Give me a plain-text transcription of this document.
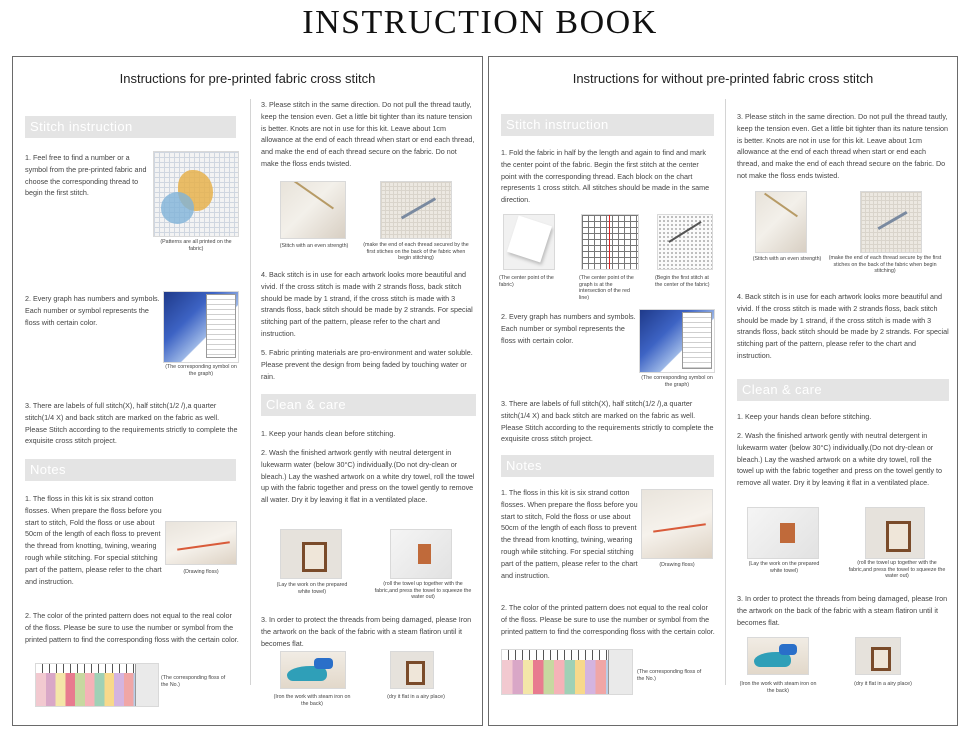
INSTRUCTION BOOK
Instructions for pre-printed fabric cross stitch
Stitch instruction
1. Feel free to find a number or a symbol from the pre-printed fabric and choose the corresponding thread to begin the first stitch.
(Patterns are all printed on the fabric)
2. Every graph has numbers and symbols. Each number or symbol represents the floss with certain color.
(The corresponding symbol on the graph)
3. There are labels of full stitch(X), half stitch(1/2 /),a quarter stitch(1/4 X) and back stitch are marked on the fabric as well. Please Stitch according to the requirements strictly to complete the exquisite cross stitch project.
Notes
1. The floss in this kit is six strand cotton flosses. When prepare the floss before you start to stitch, Fold the floss or use about 50cm of the length of each floss to prevent the thread from knotting, twining, wearing rough while stitching. For special stitching part of the pattern, please refer to the chart and instruction.
(Drawing floss)
2. The color of the printed pattern does not equal to the real color of the floss. Please be sure to use the number or symbol from the printed pattern to find the corresponding floss with the certain color.
(The corresponding floss of the No.)
3. Please stitch in the same direction. Do not pull the thread tautly, keep the tension even. Get a little bit tighter than its nature tension is better. Knots are not in use for this kit. Leave about 1cm allowance at the end of each thread when start or end each thread, and make the end of each thread secure on the fabric. Do not make the floss ends twisted.
(Stitch with an even strength)	(make the end of each thread secured by the first stiches on the back of the fabric when begin stitching)
4. Back stitch is in use for each artwork looks more beautiful and vivid. If the cross stitch is made with 2 strands floss, back stitch should be made by 1 strand, if the cross stitch is made with 3 strands floss, back stitch should be made by 2 strands. For special stitching part of the pattern, please refer to the chart and instruction.
5. Fabric printing materials are pro-environment and water soluble. Please prevent the design from being faded by touching water or rain.
Clean & care
1. Keep your hands clean before stitching.
2. Wash the finished artwork gently with neutral detergent in lukewarm water (below 30°C) individually.(Do not dry-clean or bleach.) Lay the washed artwork on a white dry towel, roll the towel up with the fabric together and press on the towel gently to remove all water. Dry it by leaving it flat in a ventilated place.
(Lay the work on the prepared white towel)
(roll the towel up together with the fabric,and press the towel to squeeze the water out)
3. In order to protect the threads from being damaged, please Iron the artwork on the back of the fabric with a steam flatiron until it becomes flat.
(Iron the work with steam iron on the back)
(dry it flat in a airy place)
Instructions for without pre-printed fabric cross stitch
Stitch instruction
1. Fold the fabric in half by the length and again to find and mark the center point of the fabric. Begin the first stitch at the center point with the corresponding thread. Each block on the chart represents 1 cross stitch. All stitches should be made in the same direction.
(The center point of the fabric)
(The center point of the graph is at the intersection of the red line)
(Begin the first stitch at the center of the fabric)
2. Every graph has numbers and symbols. Each number or symbol represents the floss with certain color.
(The corresponding symbol on the graph)
3. There are labels of full stitch(X), half stitch(1/2 /),a quarter stitch(1/4 X) and back stitch are marked on the fabric as well. Please Stitch according to the requirements strictly to complete the exquisite cross stitch project.
Notes
1. The floss in this kit is six strand cotton flosses. When prepare the floss before you start to stitch, Fold the floss or use about 50cm of the length of each floss to prevent the thread from knotting, twining, wearing rough while stitching. For special stitching part of the pattern, please refer to the chart and instruction.
(Drawing floss)
2. The color of the printed pattern does not equal to the real color of the floss. Please be sure to use the number or symbol from the printed pattern to find the corresponding floss with the certain color.
(The corresponding floss of the No.)
3. Please stitch in the same direction. Do not pull the thread tautly, keep the tension even. Get a little bit tighter than its nature tension is better. Knots are not in use for this kit. Leave about 1cm allowance at the end of each thread when start or end each thread, and make the end of each thread secure on the fabric. Do not make the floss ends twisted.
(Stitch with an even strength)	(make the end of each thread secure by the first stiches on the back of the fabric when begin stitching)
4. Back stitch is in use for each artwork looks more beautiful and vivid. If the cross stitch is made with 2 strands floss, back stitch should be made by 1 strand, if the cross stitch is made with 3 strands floss, back stitch should be made by 2 strands. For special stitching part of the pattern, please refer to the chart and instruction.
Clean & care
1. Keep your hands clean before stitching.
2. Wash the finished artwork gently with neutral detergent in lukewarm water (below 30°C) individually.(Do not dry-clean or bleach.) Lay the washed artwork on a white dry towel, roll the towel up with the fabric together and press on the towel gently to remove all water. Dry it by leaving it flat in a ventilated place.
(Lay the work on the prepared white towel)
(roll the towel up together with the fabric,and press the towel to squeeze the water out)
3. In order to protect the threads from being damaged, please Iron the artwork on the back of the fabric with a steam flatiron until it becomes flat.
(Iron the work with steam iron on the back)
(dry it flat in a airy place)
